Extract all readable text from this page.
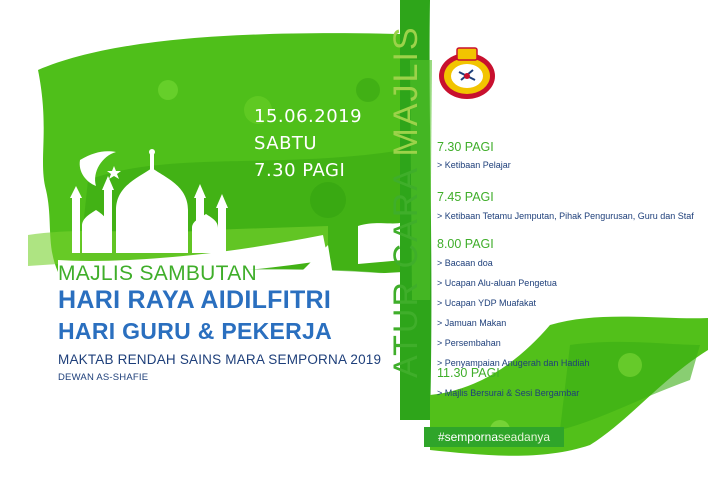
15.06.2019
SABTU
7.30 PAGI
MAJLIS SAMBUTAN
HARI RAYA AIDILFITRI
HARI GURU & PEKERJA
MAKTAB RENDAH SAINS MARA SEMPORNA 2019
DEWAN AS-SHAFIE	ATUR CARA MAJLIS 7.30 PAGI
> Ketibaan Pelajar
7.45 PAGI
> Ketibaan Tetamu Jemputan, Pihak Pengurusan, Guru dan Staf
8.00 PAGI
> Bacaan doa
> Ucapan Alu-aluan Pengetua
> Ucapan YDP Muafakat
> Jamuan Makan
> Persembahan
> Penyampaian Anugerah dan Hadiah
11.30 PAGI
> Majlis Bersurai & Sesi Bergambar
#sempornaseadanya
